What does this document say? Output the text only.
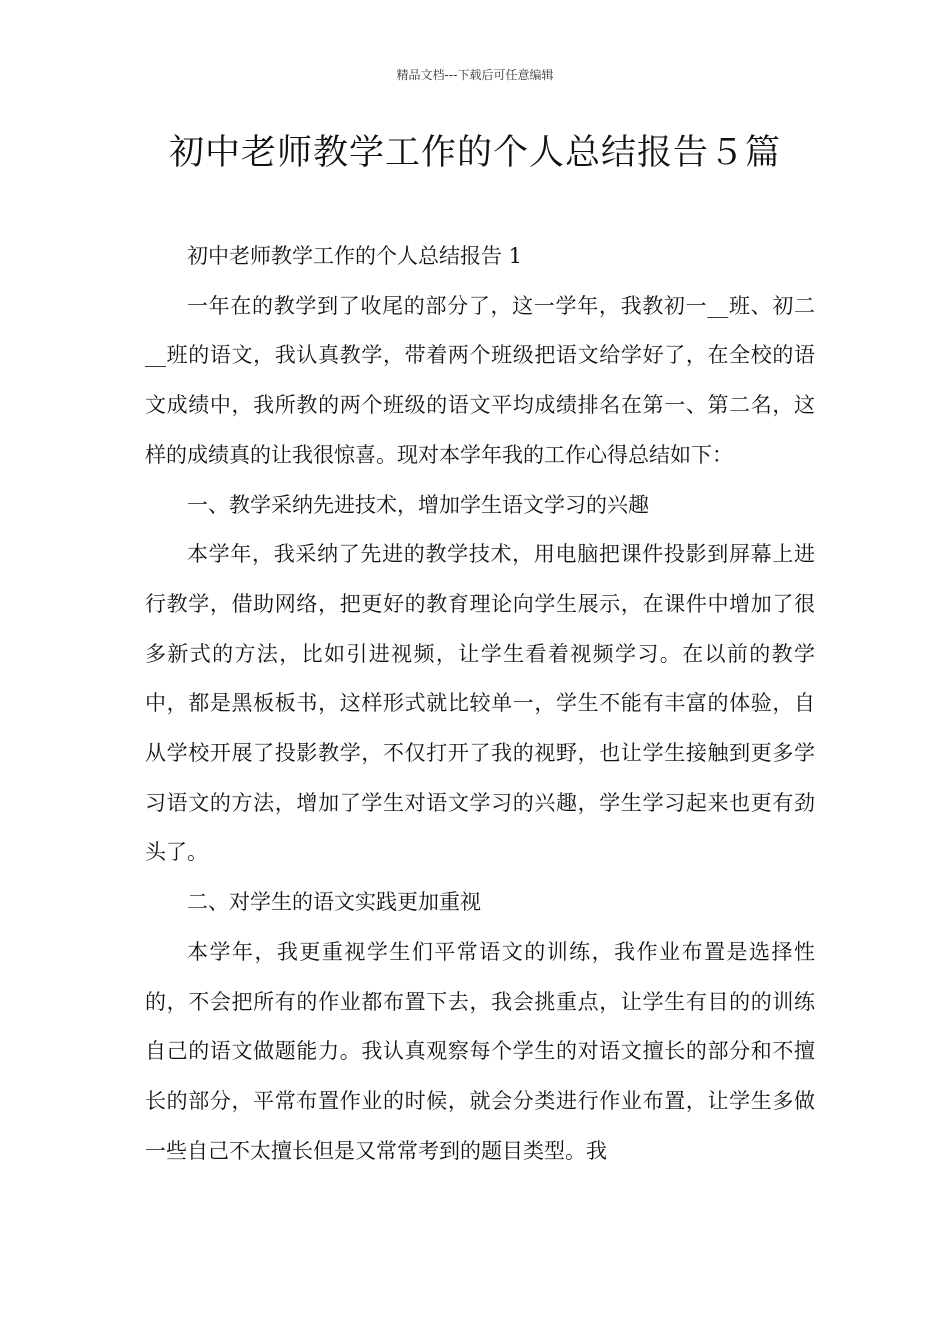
精品文档---下载后可任意编辑
初中老师教学工作的个人总结报告５篇

初中老师教学工作的个人总结报告 1

一年在的教学到了收尾的部分了，这一学年，我教初一__班、初二__班的语文，我认真教学，带着两个班级把语文给学好了，在全校的语文成绩中，我所教的两个班级的语文平均成绩排名在第一、第二名，这样的成绩真的让我很惊喜。现对本学年我的工作心得总结如下：

一、教学采纳先进技术，增加学生语文学习的兴趣

本学年，我采纳了先进的教学技术，用电脑把课件投影到屏幕上进行教学，借助网络，把更好的教育理论向学生展示，在课件中增加了很多新式的方法，比如引进视频，让学生看着视频学习。在以前的教学中，都是黑板板书，这样形式就比较单一，学生不能有丰富的体验，自从学校开展了投影教学，不仅打开了我的视野，也让学生接触到更多学习语文的方法，增加了学生对语文学习的兴趣，学生学习起来也更有劲头了。

二、对学生的语文实践更加重视

本学年，我更重视学生们平常语文的训练，我作业布置是选择性的，不会把所有的作业都布置下去，我会挑重点，让学生有目的的训练自己的语文做题能力。我认真观察每个学生的对语文擅长的部分和不擅长的部分，平常布置作业的时候，就会分类进行作业布置，让学生多做一些自己不太擅长但是又常常考到的题目类型。我
